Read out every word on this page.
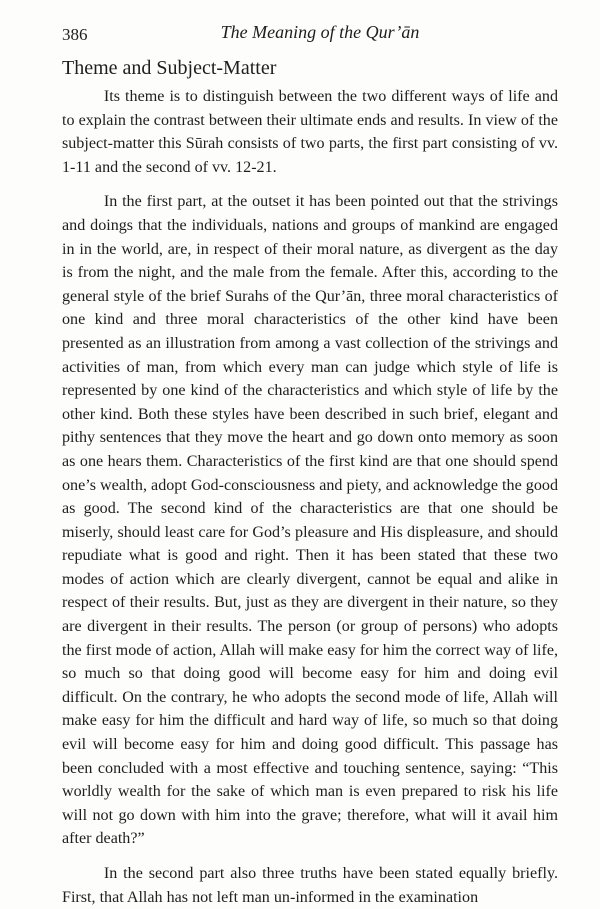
386	The Meaning of the Qur’ān
Theme and Subject-Matter

Its theme is to distinguish between the two different ways of life and to explain the contrast between their ultimate ends and results. In view of the subject-matter this Sūrah consists of two parts, the first part consisting of vv. 1-11 and the second of vv. 12-21.

In the first part, at the outset it has been pointed out that the strivings and doings that the individuals, nations and groups of mankind are engaged in in the world, are, in respect of their moral nature, as divergent as the day is from the night, and the male from the female. After this, according to the general style of the brief Surahs of the Qur’ān, three moral characteristics of one kind and three moral characteristics of the other kind have been presented as an illustration from among a vast collection of the strivings and activities of man, from which every man can judge which style of life is represented by one kind of the characteristics and which style of life by the other kind. Both these styles have been described in such brief, elegant and pithy sentences that they move the heart and go down onto memory as soon as one hears them. Characteristics of the first kind are that one should spend one’s wealth, adopt God-consciousness and piety, and acknowledge the good as good. The second kind of the characteristics are that one should be miserly, should least care for God’s pleasure and His displeasure, and should repudiate what is good and right. Then it has been stated that these two modes of action which are clearly divergent, cannot be equal and alike in respect of their results. But, just as they are divergent in their nature, so they are divergent in their results. The person (or group of persons) who adopts the first mode of action, Allah will make easy for him the correct way of life, so much so that doing good will become easy for him and doing evil difficult. On the contrary, he who adopts the second mode of life, Allah will make easy for him the difficult and hard way of life, so much so that doing evil will become easy for him and doing good difficult. This passage has been concluded with a most effective and touching sentence, saying: “This worldly wealth for the sake of which man is even prepared to risk his life will not go down with him into the grave; therefore, what will it avail him after death?”

In the second part also three truths have been stated equally briefly. First, that Allah has not left man un-informed in the examination
